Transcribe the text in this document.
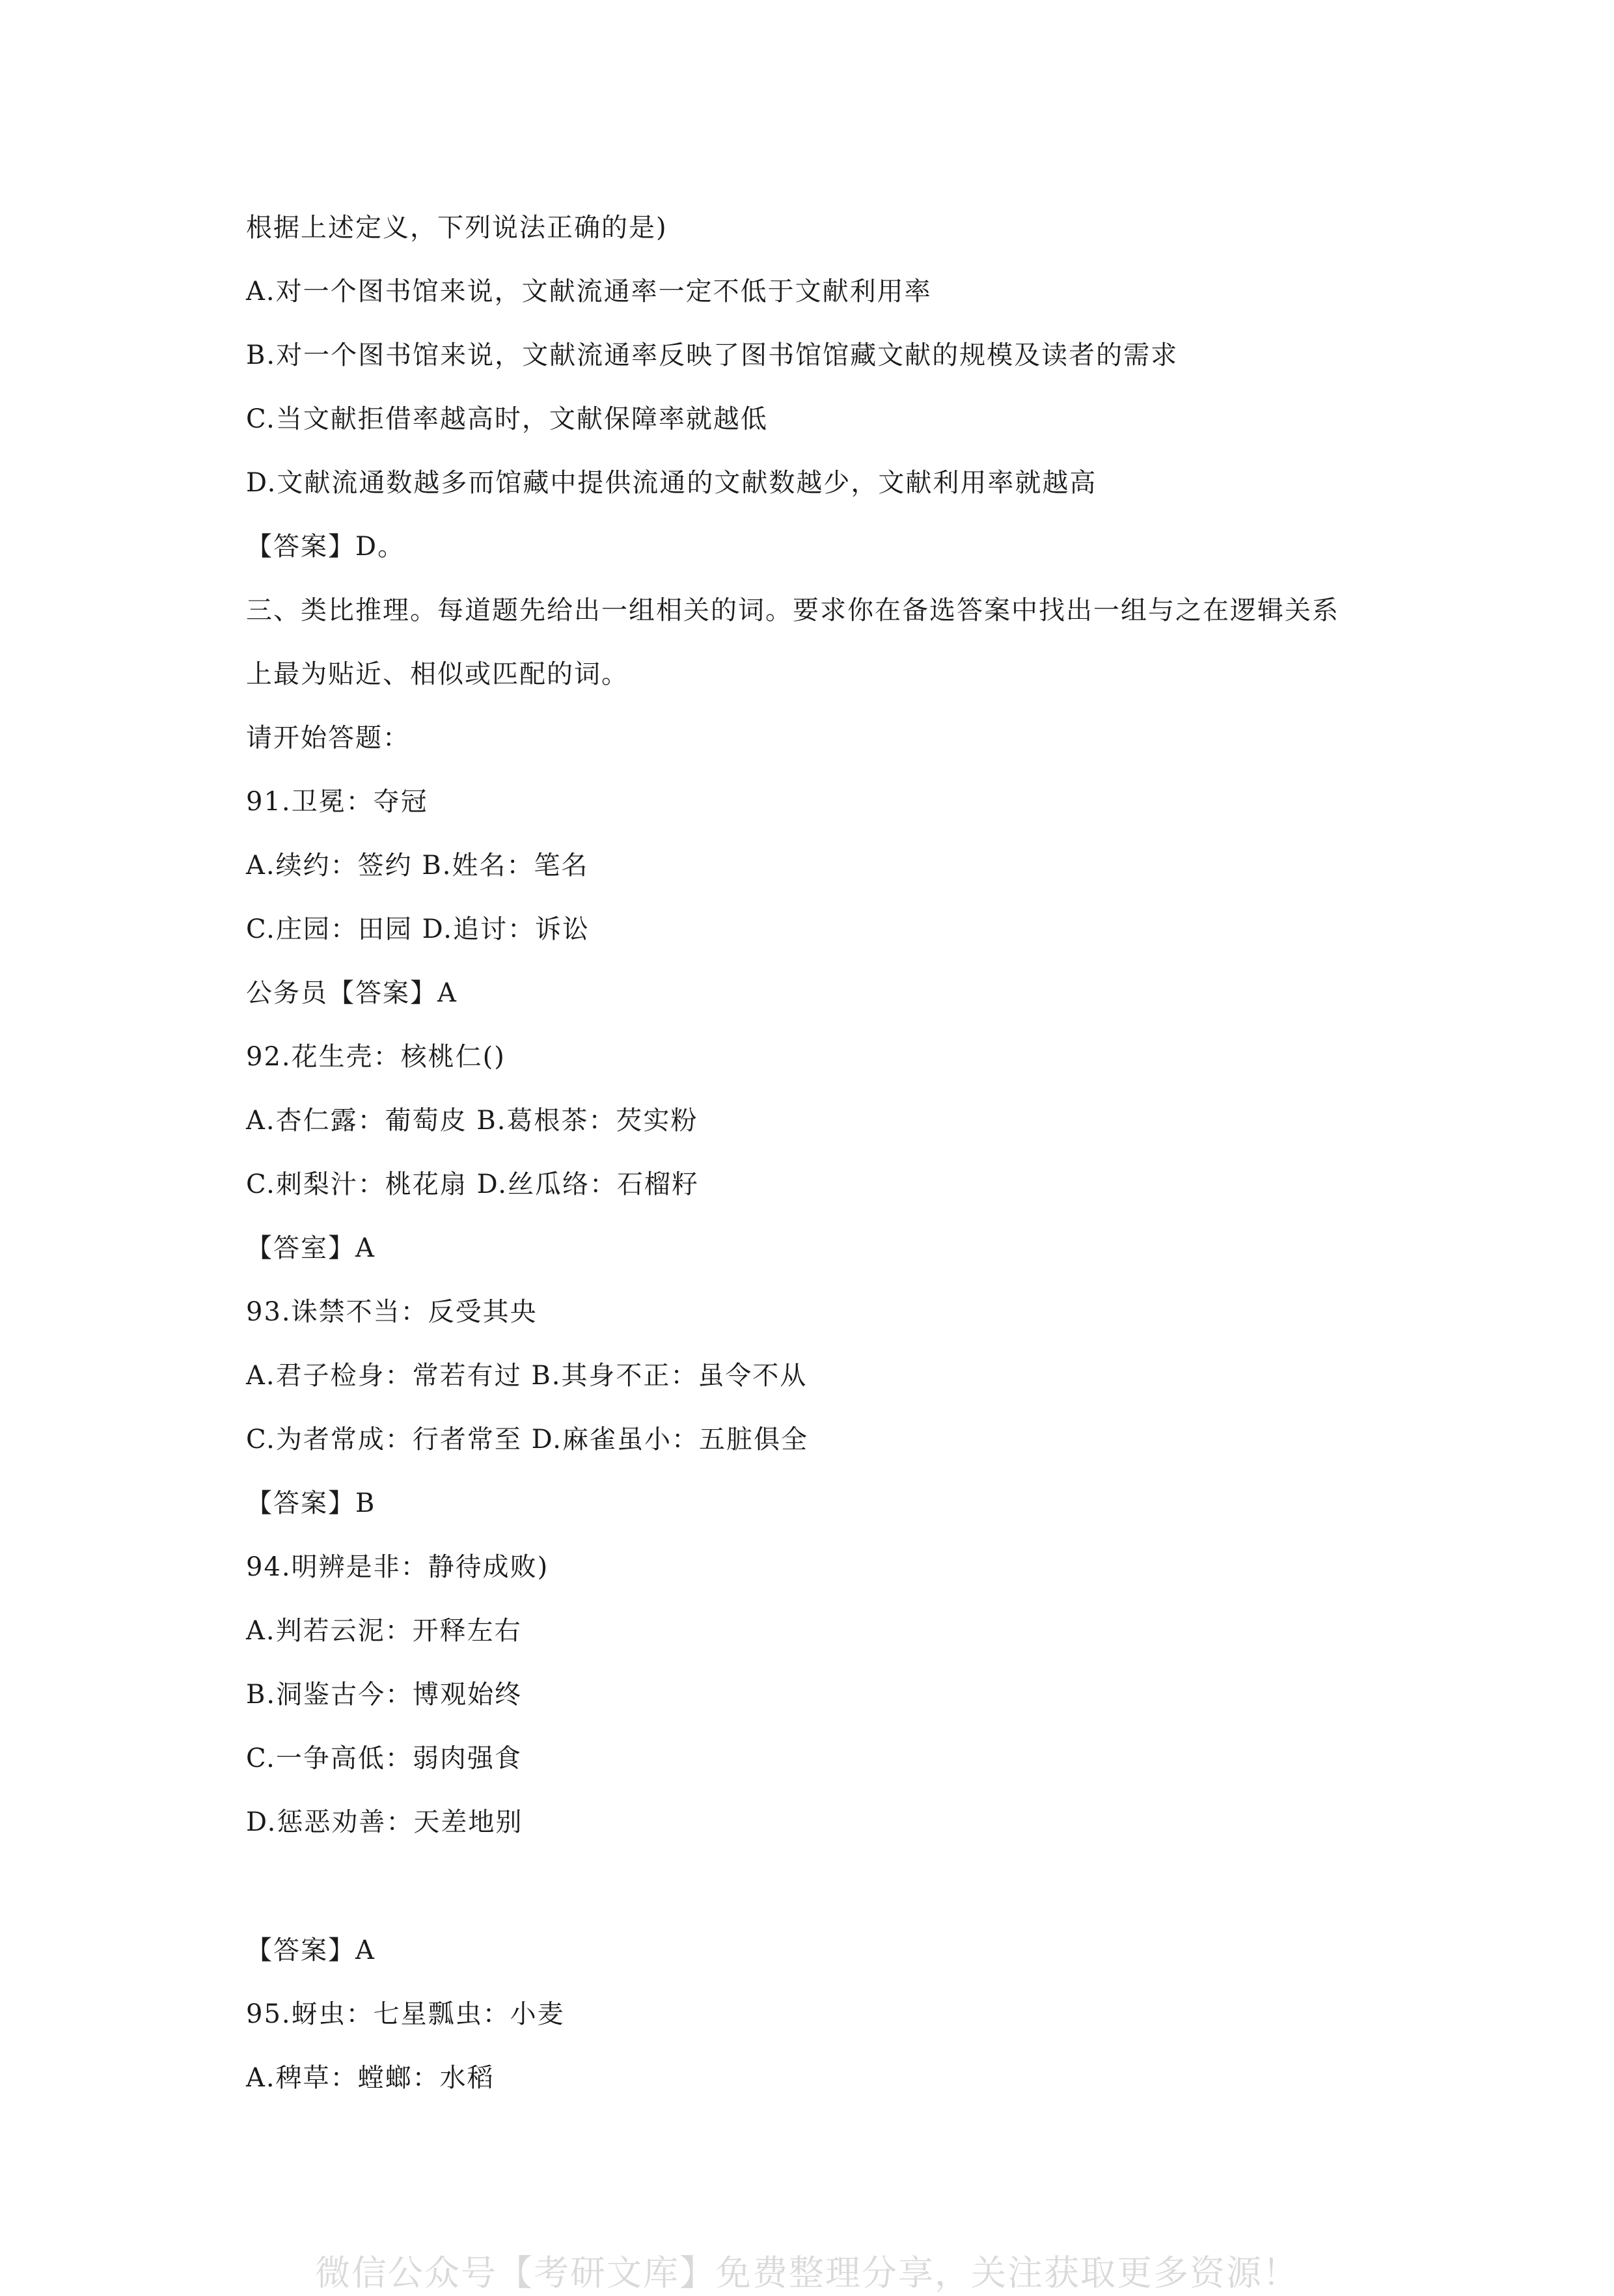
根据上述定义，下列说法正确的是)
A.对一个图书馆来说，文献流通率一定不低于文献利用率
B.对一个图书馆来说，文献流通率反映了图书馆馆藏文献的规模及读者的需求
C.当文献拒借率越高时，文献保障率就越低
D.文献流通数越多而馆藏中提供流通的文献数越少，文献利用率就越高
【答案】D。
三、类比推理。每道题先给出一组相关的词。要求你在备选答案中找出一组与之在逻辑关系
上最为贴近、相似或匹配的词。
请开始答题：
91.卫冕：夺冠
A.续约：签约 B.姓名：笔名
C.庄园：田园 D.追讨：诉讼
公务员【答案】A
92.花生壳：核桃仁()
A.杏仁露：葡萄皮 B.葛根茶：芡实粉
C.刺梨汁：桃花扇 D.丝瓜络：石榴籽
【答室】A
93.诛禁不当：反受其央
A.君子检身：常若有过 B.其身不正：虽令不从
C.为者常成：行者常至 D.麻雀虽小：五脏俱全
【答案】B
94.明辨是非：静待成败)
A.判若云泥：开释左右
B.洞鉴古今：博观始终
C.一争高低：弱肉强食
D.惩恶劝善：天差地别
【答案】A
95.蚜虫：七星瓢虫：小麦
A.稗草：螳螂：水稻
微信公众号【考研文库】免费整理分享，关注获取更多资源！
